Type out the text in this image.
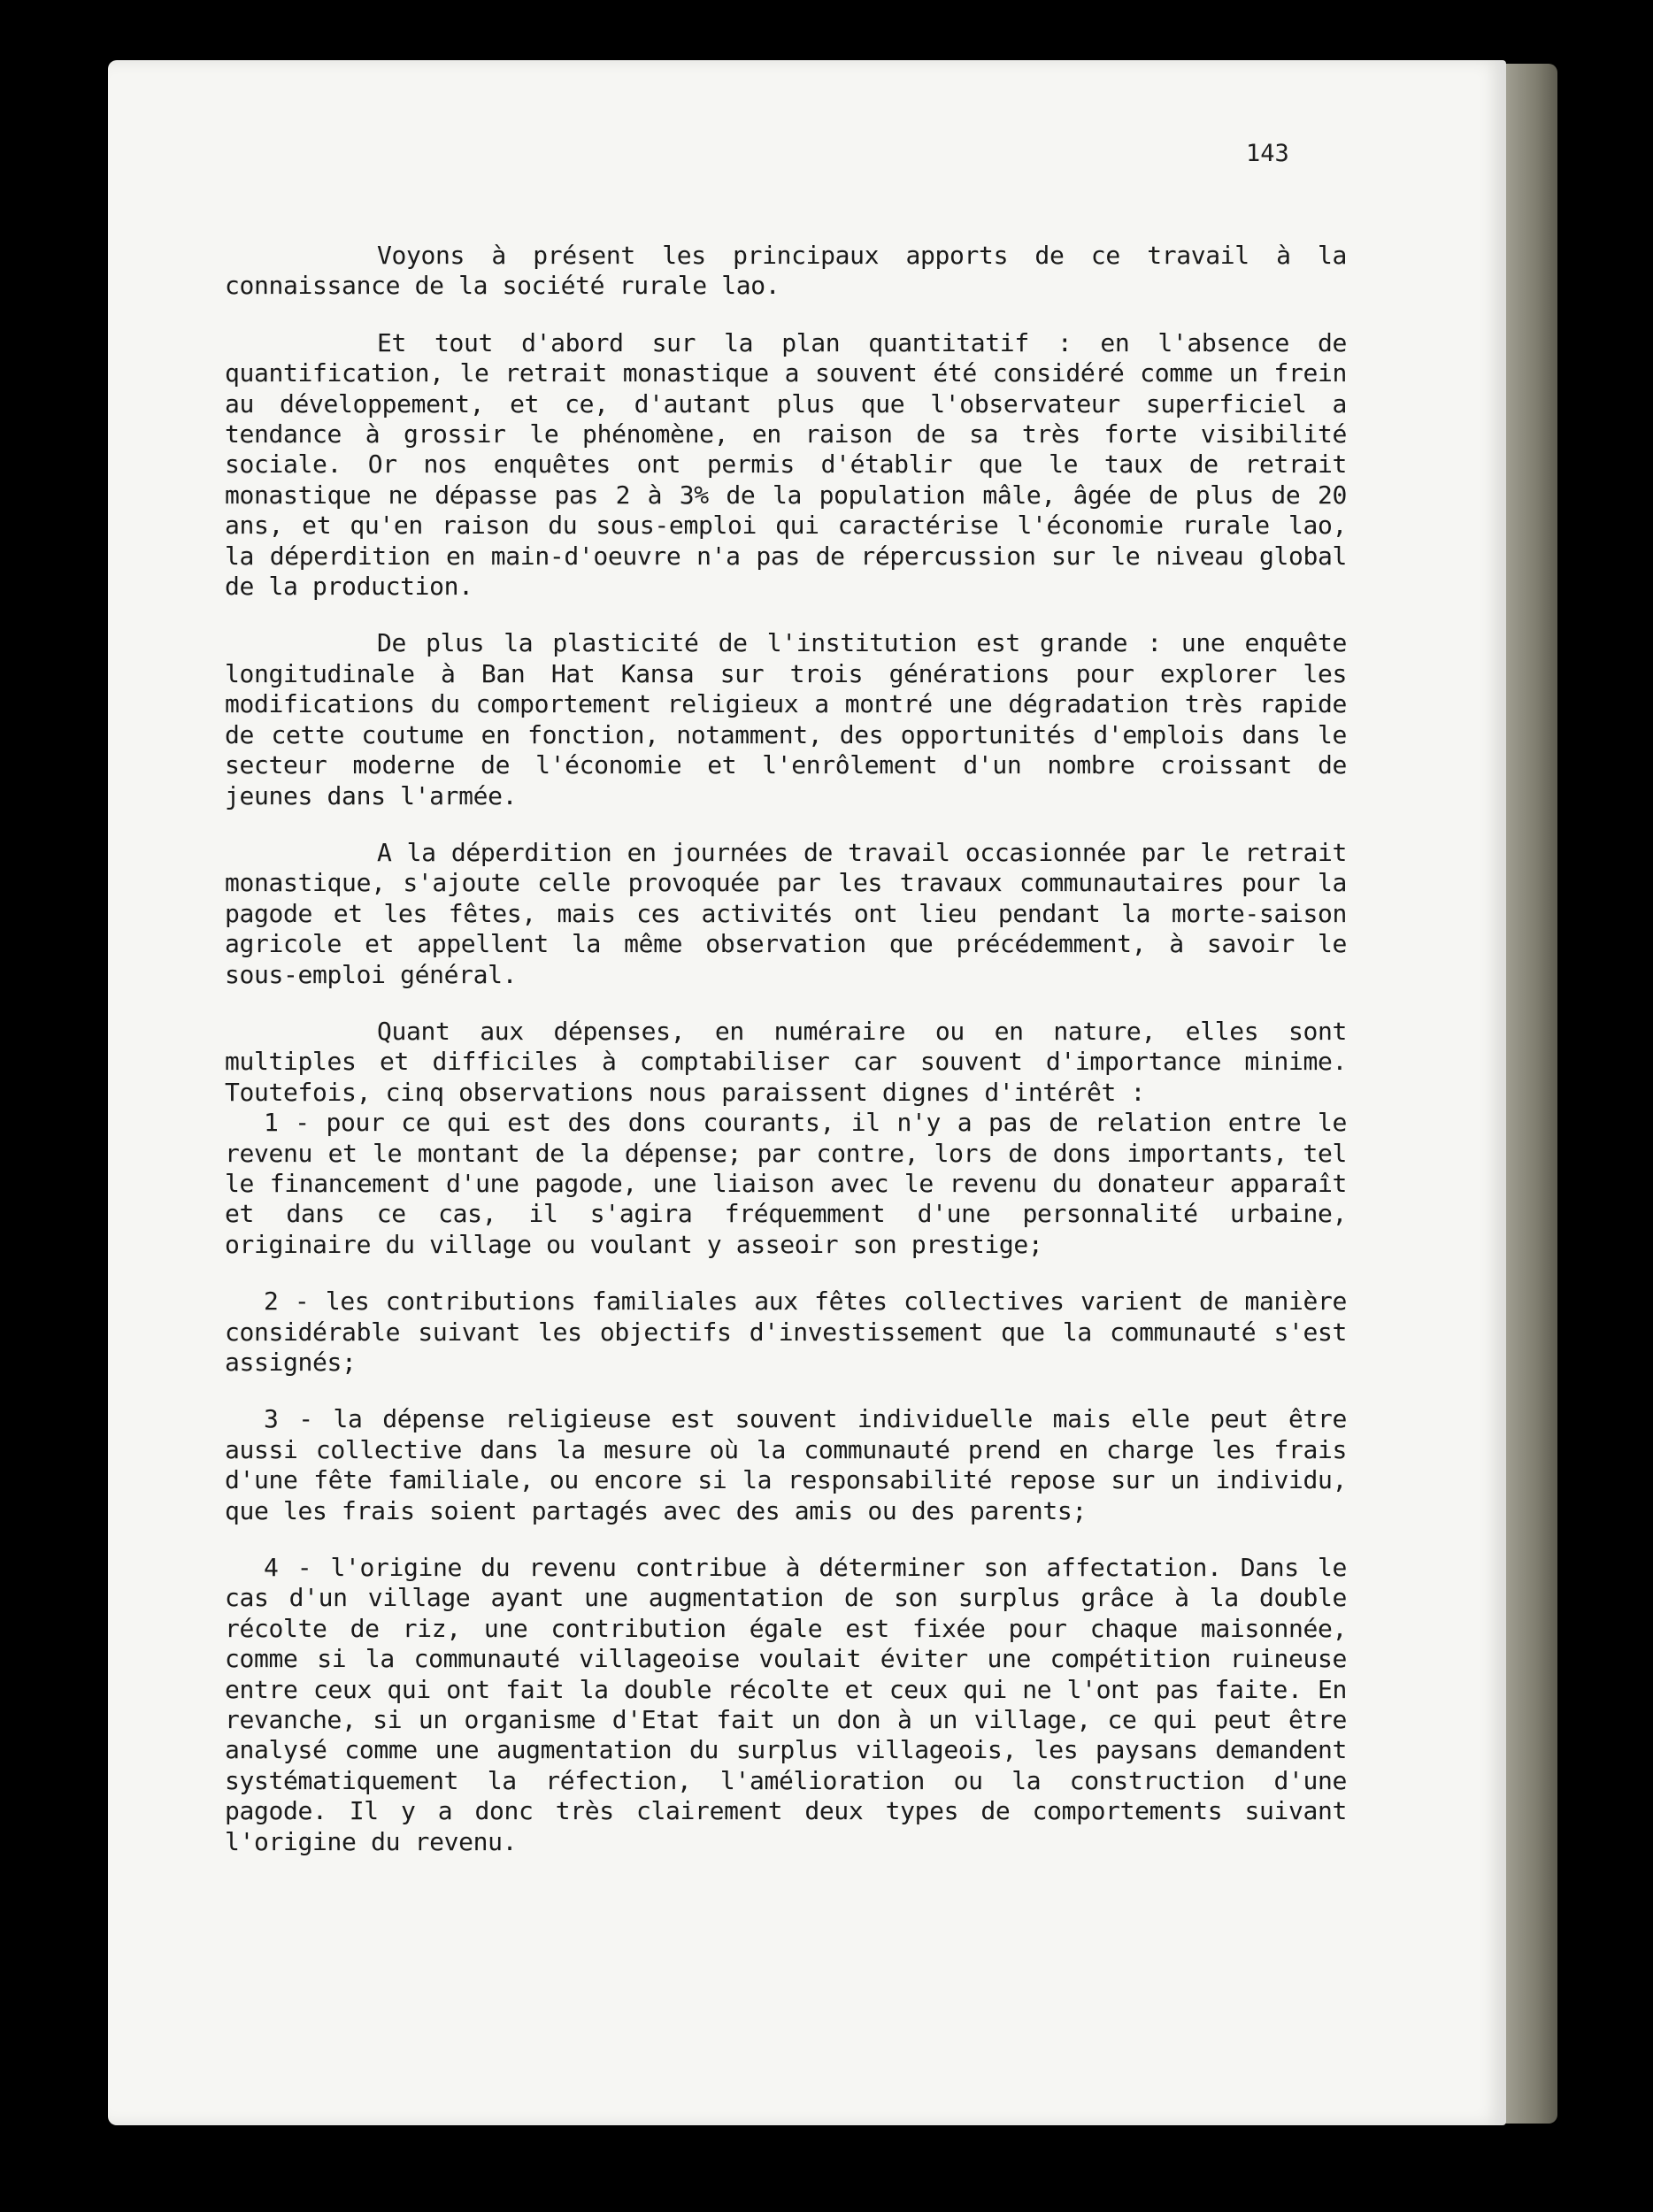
143

Voyons à présent les principaux apports de ce travail à la connaissance de la société rurale lao.

Et tout d'abord sur la plan quantitatif : en l'absence de quantification, le retrait monastique a souvent été considéré comme un frein au développement, et ce, d'autant plus que l'observateur superficiel a tendance à grossir le phénomène, en raison de sa très forte visibilité sociale. Or nos enquêtes ont permis d'établir que le taux de retrait monastique ne dépasse pas 2 à 3% de la population mâle, âgée de plus de 20 ans, et qu'en raison du sous-emploi qui caractérise l'économie rurale lao, la déperdition en main-d'oeuvre n'a pas de répercussion sur le niveau global de la production.

De plus la plasticité de l'institution est grande : une enquête longitudinale à Ban Hat Kansa sur trois générations pour explorer les modifications du comportement religieux a montré une dégradation très rapide de cette coutume en fonction, notamment, des opportunités d'emplois dans le secteur moderne de l'économie et l'enrôlement d'un nombre croissant de jeunes dans l'armée.

A la déperdition en journées de travail occasionnée par le retrait monastique, s'ajoute celle provoquée par les travaux communautaires pour la pagode et les fêtes, mais ces activités ont lieu pendant la morte-saison agricole et appellent la même observation que précédemment, à savoir le sous-emploi général.

Quant aux dépenses, en numéraire ou en nature, elles sont multiples et difficiles à comptabiliser car souvent d'importance minime. Toutefois, cinq observations nous paraissent dignes d'intérêt :

1 - pour ce qui est des dons courants, il n'y a pas de relation entre le revenu et le montant de la dépense; par contre, lors de dons importants, tel le financement d'une pagode, une liaison avec le revenu du donateur apparaît et dans ce cas, il s'agira fréquemment d'une personnalité urbaine, originaire du village ou voulant y asseoir son prestige;

2 - les contributions familiales aux fêtes collectives varient de manière considérable suivant les objectifs d'investissement que la communauté s'est assignés;

3 - la dépense religieuse est souvent individuelle mais elle peut être aussi collective dans la mesure où la communauté prend en charge les frais d'une fête familiale, ou encore si la responsabilité repose sur un individu, que les frais soient partagés avec des amis ou des parents;

4 - l'origine du revenu contribue à déterminer son affectation. Dans le cas d'un village ayant une augmentation de son surplus grâce à la double récolte de riz, une contribution égale est fixée pour chaque maisonnée, comme si la communauté villageoise voulait éviter une compétition ruineuse entre ceux qui ont fait la double récolte et ceux qui ne l'ont pas faite. En revanche, si un organisme d'Etat fait un don à un village, ce qui peut être analysé comme une augmentation du surplus villageois, les paysans demandent systématiquement la réfection, l'amélioration ou la construction d'une pagode. Il y a donc très clairement deux types de comportements suivant l'origine du revenu.
